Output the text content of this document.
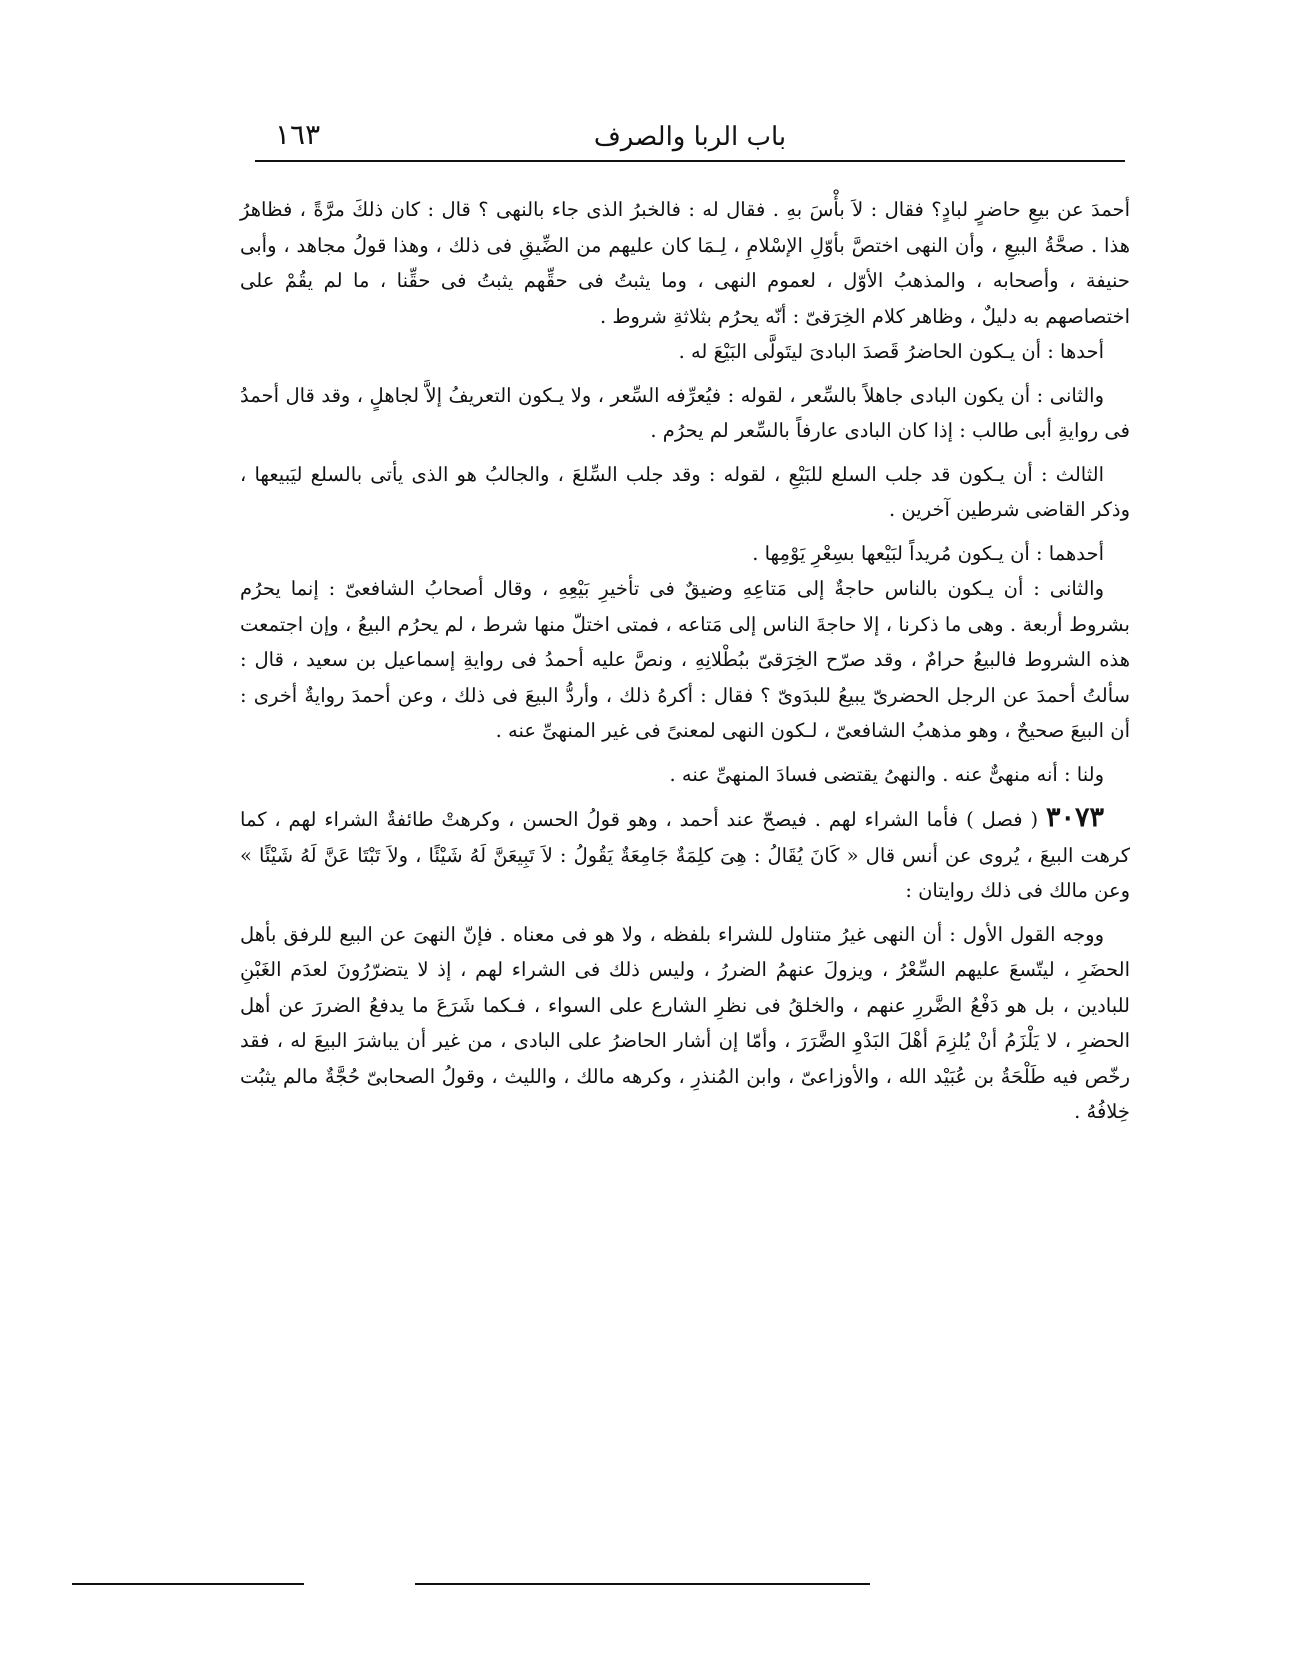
١٦٣	باب الربا والصرف

أحمدَ عن بيعِ حاضرٍ لبادٍ؟ فقال : لاَ بأْسَ بهِ . فقال له : فالخبرُ الذى جاء بالنهى ؟ قال : كان ذلكَ مرَّةً ، فظاهرُ هذا . صحَّةُ البيعِ ، وأن النهى اختصَّ بأوّلِ الإسْلامِ ، لِـمَا كان عليهم من الضِّيقِ فى ذلك ، وهذا قولُ مجاهد ، وأبى حنيفة ، وأصحابه ، والمذهبُ الأوّل ، لعموم النهى ، وما يثبتُ فى حقِّهم يثبتُ فى حقِّنا ، ما لم يقُمْ على اختصاصهم به دليلٌ ، وظاهر كلام الخِرَقىّ : أنّه يحرُم بثلاثةِ شروط .

أحدها : أن يـكون الحاضرُ قَصدَ البادىَ ليتَولَّى البَيْعَ له .

والثانى : أن يكون البادى جاهلاً بالسِّعر ، لقوله : فيُعرِّفه السِّعر ، ولا يـكون التعريفُ إلاَّ لجاهلٍ ، وقد قال أحمدُ فى روايةِ أبى طالب : إذا كان البادى عارفاً بالسِّعر لم يحرُم .

الثالث : أن يـكون قد جلب السلع للبَيْعِ ، لقوله : وقد جلب السِّلعَ ، والجالبُ هو الذى يأتى بالسلع ليَبيعها ، وذكر القاضى شرطين آخرين .

أحدهما : أن يـكون مُريداً لبَيْعها بسِعْرِ يَوْمِها .

والثانى : أن يـكون بالناس حاجةٌ إلى مَتاعِهِ وضيقٌ فى تأخيرِ بَيْعِهِ ، وقال أصحابُ الشافعىّ : إنما يحرُم بشروط أربعة . وهى ما ذكرنا ، إلا حاجةَ الناس إلى مَتاعه ، فمتى اختلّ منها شرط ، لم يحرُم البيعُ ، وإن اجتمعت هذه الشروط فالبيعُ حرامٌ ، وقد صرّح الخِرَقىّ ببُطْلانِهِ ، ونصَّ عليه أحمدُ فى روايةِ إسماعيل بن سعيد ، قال : سألتُ أحمدَ عن الرجل الحضرىّ يبيعُ للبدَوىّ ؟ فقال : أكرهُ ذلك ، وأردُّ البيعَ فى ذلك ، وعن أحمدَ روايةٌ أخرى : أن البيعَ صحيحٌ ، وهو مذهبُ الشافعىّ ، لـكون النهى لمعنىً فى غير المنهىِّ عنه .

ولنا : أنه منهىٌّ عنه . والنهىُ يقتضى فسادَ المنهىِّ عنه .

٣٠٧٣ ( فصل ) فأما الشراء لهم . فيصحّ عند أحمد ، وهو قولُ الحسن ، وكرهتْ طائفةٌ الشراء لهم ، كما كرهت البيعَ ، يُروى عن أنس قال « كَانَ يُقَالُ : هِىَ كلِمَةٌ جَامِعَةٌ يَقُولُ : لاَ تَبِيعَنَّ لَهُ شَيْئًا ، ولاَ تَبْتَا عَنَّ لَهُ شَيْئًا » وعن مالك فى ذلك روايتان :

ووجه القول الأول : أن النهى غيرُ متناول للشراء بلفظه ، ولا هو فى معناه . فإنّ النهىَ عن البيع للرفق بأهل الحضَرِ ، ليتّسعَ عليهم السِّعْرُ ، ويزولَ عنهمُ الضررُ ، وليس ذلك فى الشراء لهم ، إذ لا يتضرّرُونَ لعدَم الغَبْنِ للبادين ، بل هو دَفْعُ الضَّررِ عنهم ، والخلقُ فى نظرِ الشارع على السواء ، فـكما شَرَعَ ما يدفعُ الضررَ عن أهل الحضرِ ، لا يَلْزَمُ أنْ يُلزِمَ أهْلَ البَدْوِ الضَّرَرَ ، وأمّا إن أشار الحاضرُ على البادى ، من غير أن يباشرَ البيعَ له ، فقد رخّص فيه طَلْحَةُ بن عُبَيْد الله ، والأوزاعىّ ، وابن المُنذرِ ، وكرهه مالك ، والليث ، وقولُ الصحابىّ حُجَّةٌ مالم يثبُت خِلافُهُ .
